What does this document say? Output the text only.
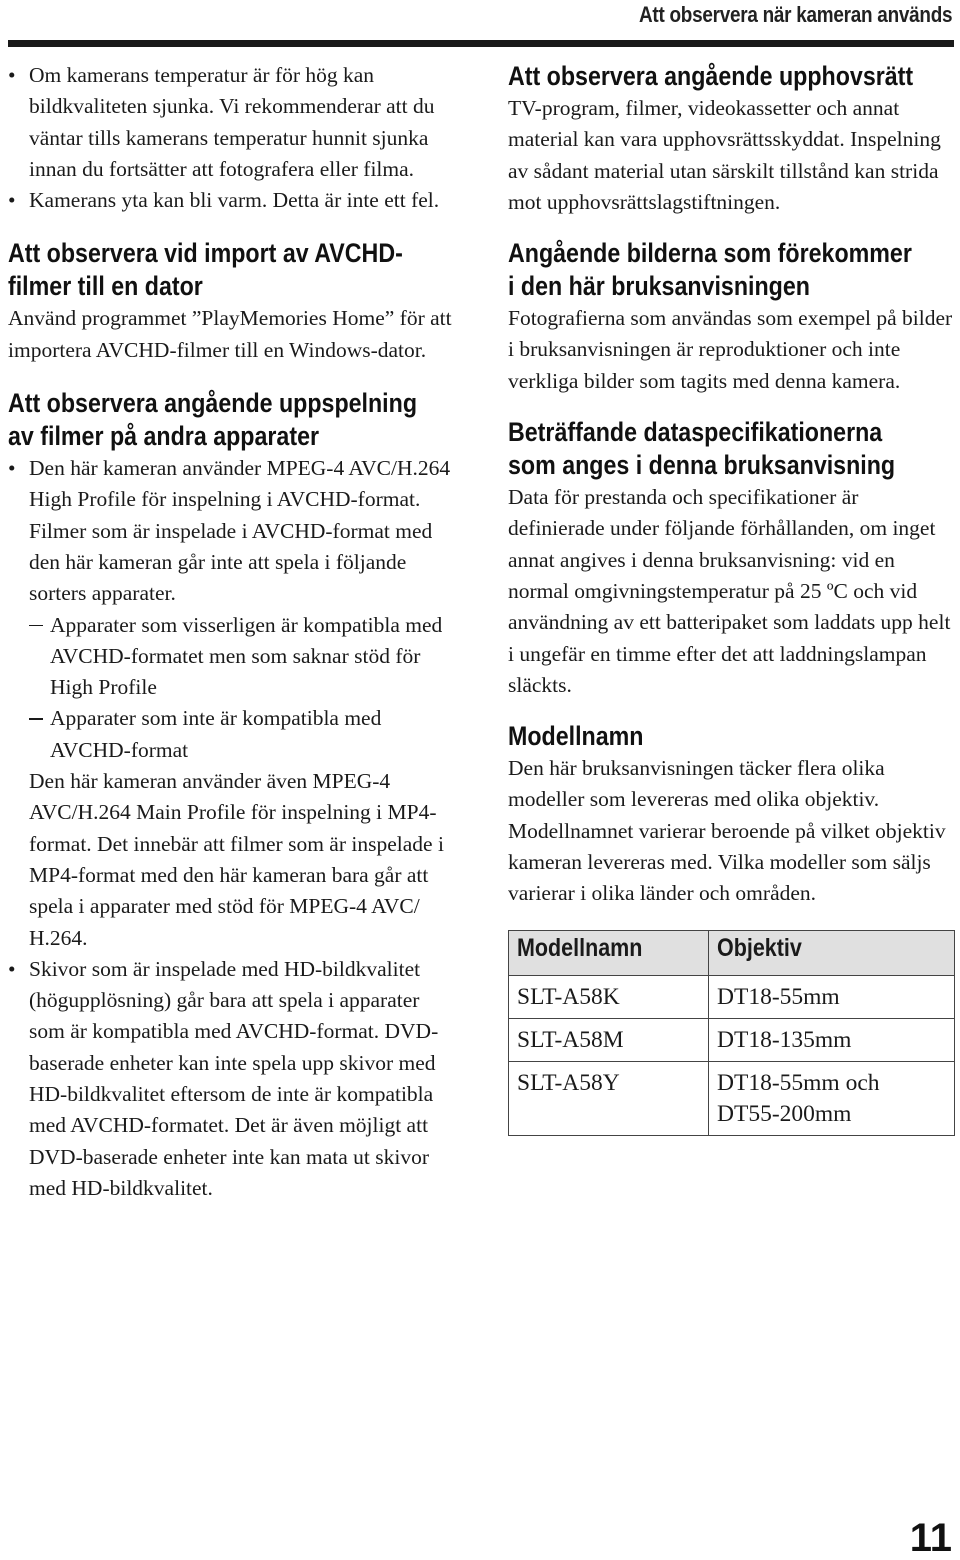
Att observera när kameran används
• Om kamerans temperatur är för hög kan bildkvaliteten sjunka. Vi rekommenderar att du väntar tills kamerans temperatur hunnit sjunka innan du fortsätter att fotografera eller filma.
• Kamerans yta kan bli varm. Detta är inte ett fel.
Att observera vid import av AVCHD-
filmer till en dator

Använd programmet ”PlayMemories Home” för att importera AVCHD-filmer till en Windows-dator.

Att observera angående uppspelning
av filmer på andra apparater
• Den här kameran använder MPEG-4 AVC/H.264 High Profile för inspelning i AVCHD-format. Filmer som är inspelade i AVCHD-format med den här kameran går inte att spela i följande sorters apparater.
Apparater som visserligen är kompatibla med AVCHD-formatet men som saknar stöd för High Profile
Apparater som inte är kompatibla med AVCHD-format
Den här kameran använder även MPEG-4 AVC/H.264 Main Profile för inspelning i MP4-format. Det innebär att filmer som är inspelade i MP4-format med den här kameran bara går att spela i apparater med stöd för MPEG-4 AVC/ H.264.
• Skivor som är inspelade med HD-bildkvalitet (högupplösning) går bara att spela i apparater som är kompatibla med AVCHD-format. DVD-baserade enheter kan inte spela upp skivor med HD-bildkvalitet eftersom de inte är kompatibla med AVCHD-formatet. Det är även möjligt att DVD-baserade enheter inte kan mata ut skivor med HD-bildkvalitet.
Att observera angående upphovsrätt

TV-program, filmer, videokassetter och annat material kan vara upphovsrättsskyddat. Inspelning av sådant material utan särskilt tillstånd kan strida mot upphovsrättslagstiftningen.

Angående bilderna som förekommer
i den här bruksanvisningen

Fotografierna som användas som exempel på bilder i bruksanvisningen är reproduktioner och inte verkliga bilder som tagits med denna kamera.

Beträffande dataspecifikationerna
som anges i denna bruksanvisning

Data för prestanda och specifikationer är definierade under följande förhållanden, om inget annat angives i denna bruksanvisning: vid en normal omgivningstemperatur på 25 ºC och vid användning av ett batteripaket som laddats upp helt i ungefär en timme efter det att laddningslampan släckts.

Modellnamn

Den här bruksanvisningen täcker flera olika modeller som levereras med olika objektiv. Modellnamnet varierar beroende på vilket objektiv kameran levereras med. Vilka modeller som säljs varierar i olika länder och områden.

Modellnamn	Objektiv
SLT-A58K	DT18-55mm
SLT-A58M	DT18-135mm
SLT-A58Y	DT18-55mm och DT55-200mm
11
